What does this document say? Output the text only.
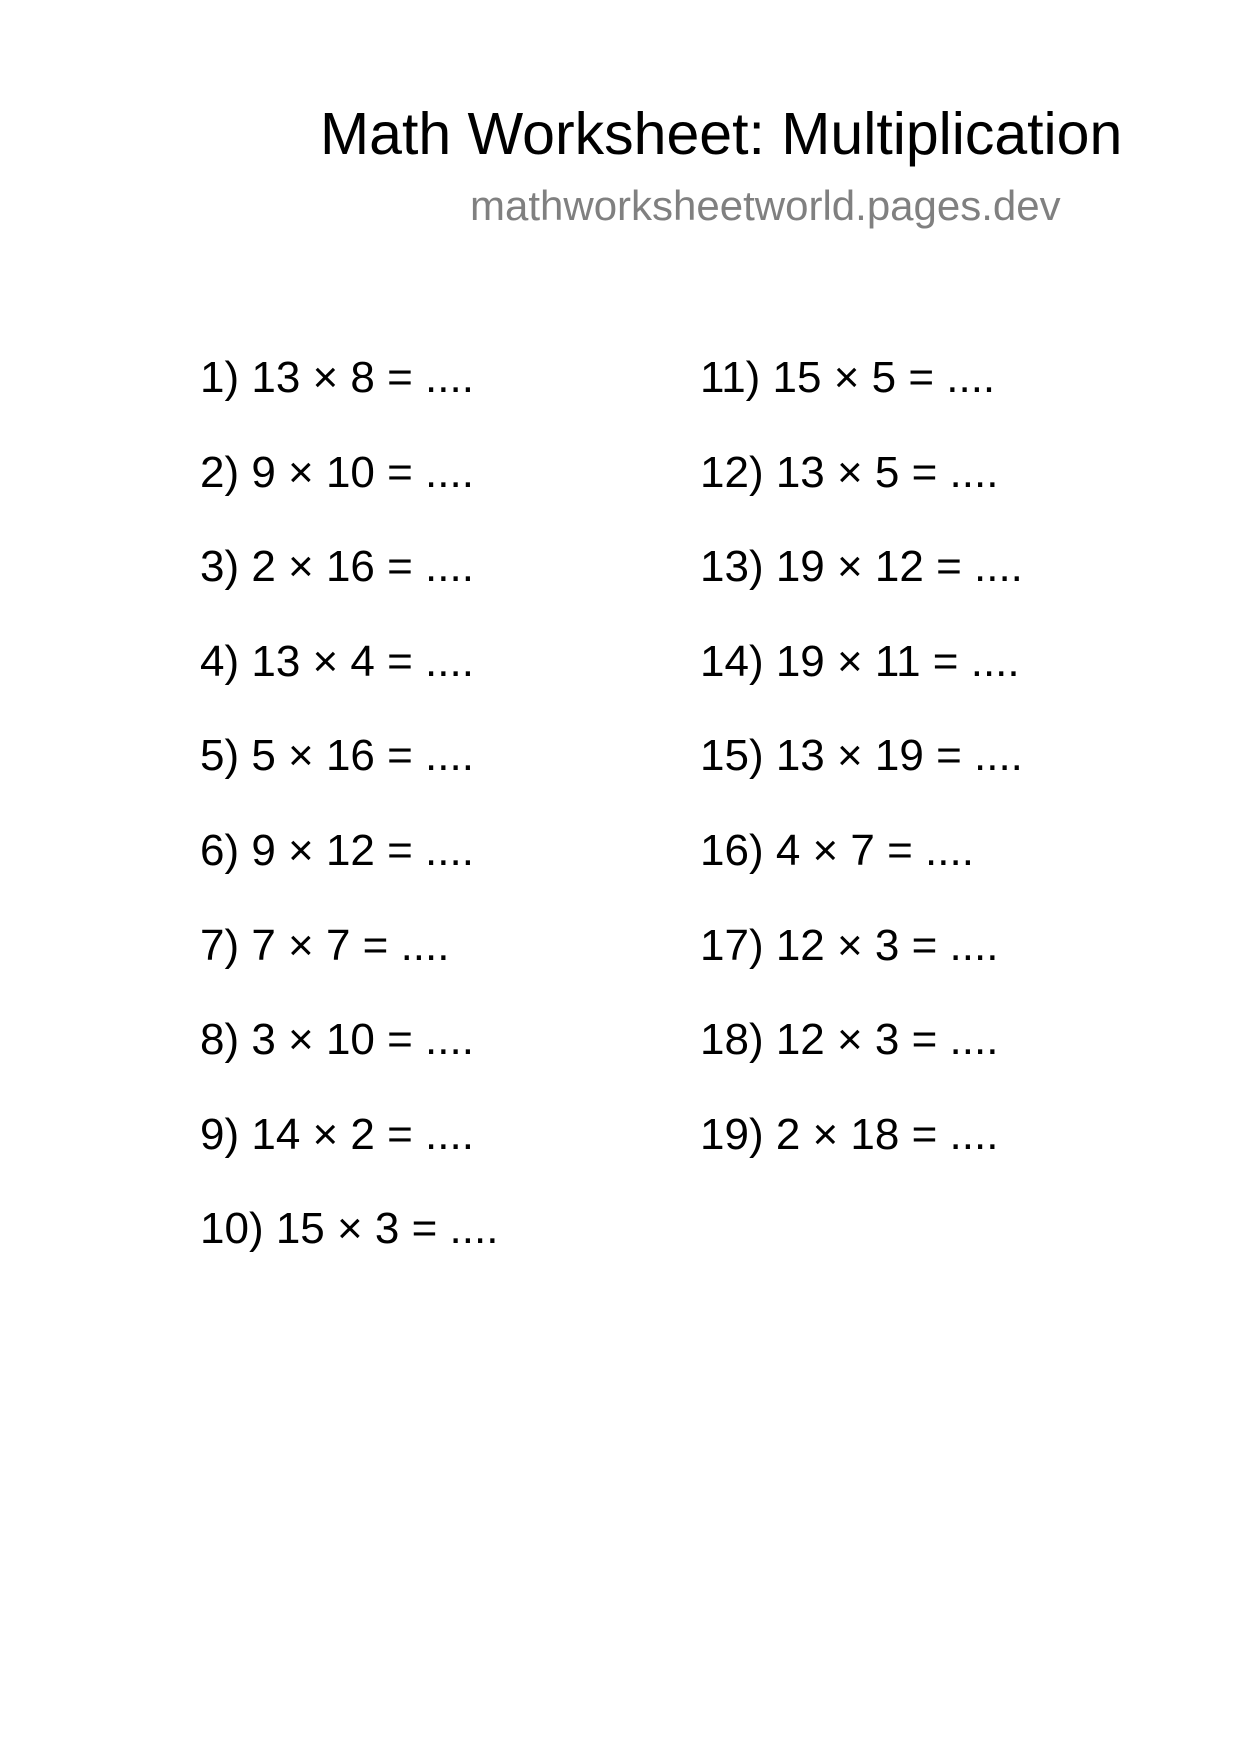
Math Worksheet: Multiplication
mathworksheetworld.pages.dev
1) 13 × 8 = ....
2) 9 × 10 = ....
3) 2 × 16 = ....
4) 13 × 4 = ....
5) 5 × 16 = ....
6) 9 × 12 = ....
7) 7 × 7 = ....
8) 3 × 10 = ....
9) 14 × 2 = ....
10) 15 × 3 = ....
11) 15 × 5 = ....
12) 13 × 5 = ....
13) 19 × 12 = ....
14) 19 × 11 = ....
15) 13 × 19 = ....
16) 4 × 7 = ....
17) 12 × 3 = ....
18) 12 × 3 = ....
19) 2 × 18 = ....
